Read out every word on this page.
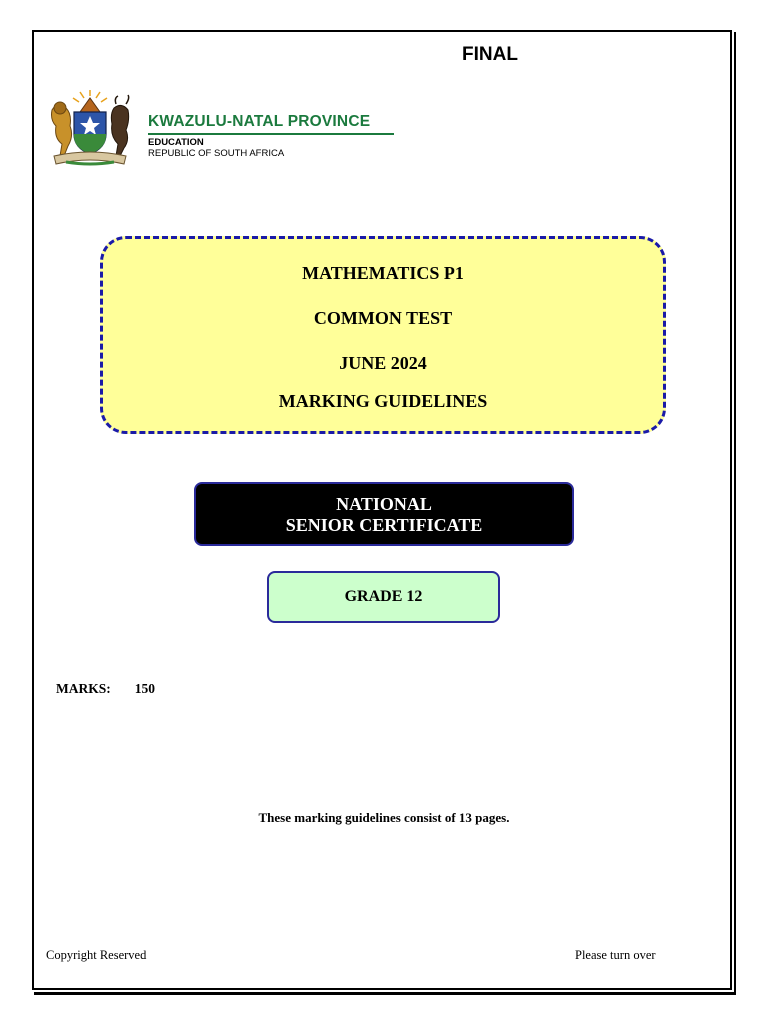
FINAL
KWAZULU-NATAL PROVINCE
EDUCATION
REPUBLIC OF SOUTH AFRICA
MATHEMATICS P1
COMMON TEST
JUNE 2024
MARKING GUIDELINES
NATIONAL
SENIOR CERTIFICATE
GRADE 12
MARKS: 150
These marking guidelines consist of 13 pages.
Copyright Reserved	Please turn over
